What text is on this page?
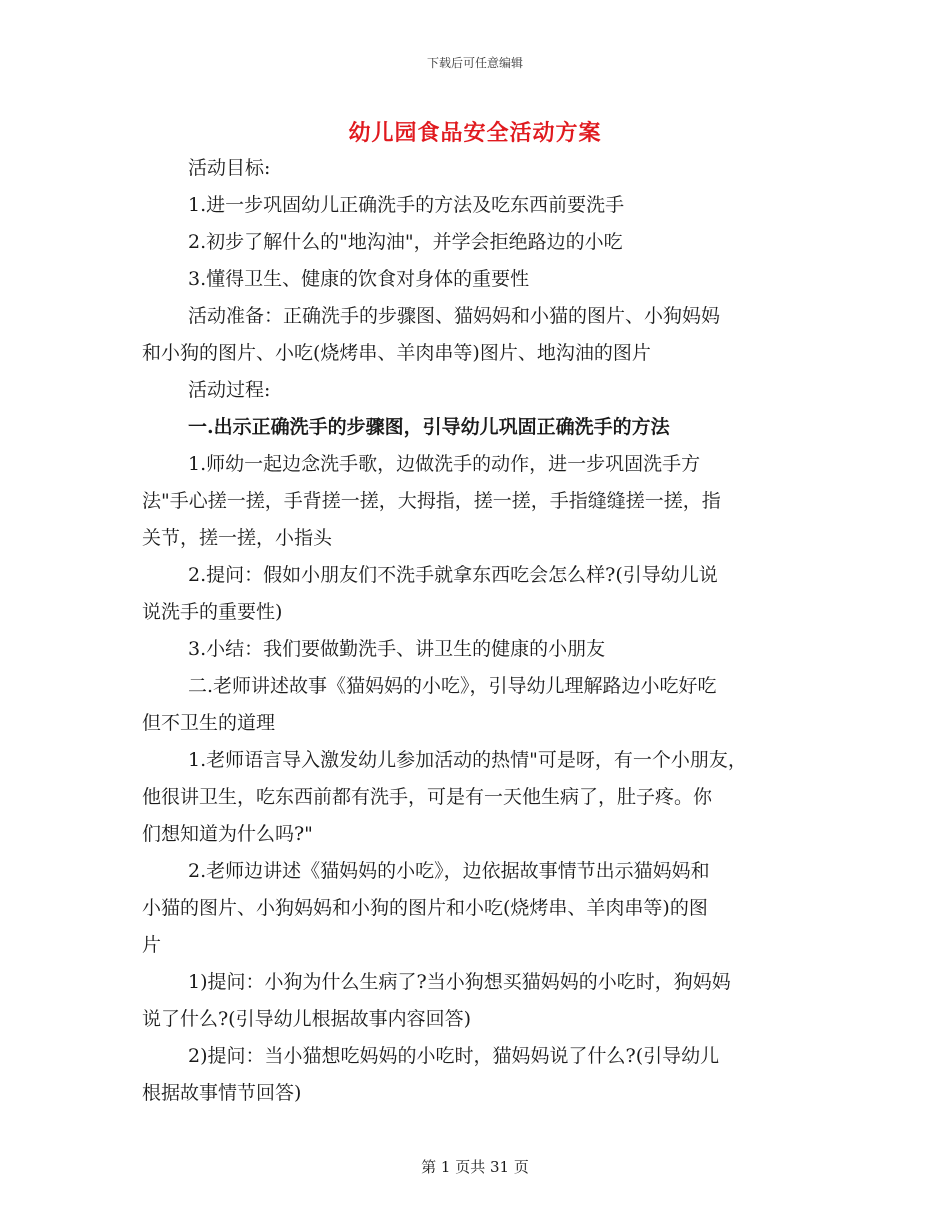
下载后可任意编辑
幼儿园食品安全活动方案
活动目标:
1.进一步巩固幼儿正确洗手的方法及吃东西前要洗手
2.初步了解什么的"地沟油"，并学会拒绝路边的小吃
3.懂得卫生、健康的饮食对身体的重要性
活动准备：正确洗手的步骤图、猫妈妈和小猫的图片、小狗妈妈
和小狗的图片、小吃(烧烤串、羊肉串等)图片、地沟油的图片
活动过程:
一.出示正确洗手的步骤图，引导幼儿巩固正确洗手的方法
1.师幼一起边念洗手歌，边做洗手的动作，进一步巩固洗手方
法"手心搓一搓，手背搓一搓，大拇指，搓一搓，手指缝缝搓一搓，指
关节，搓一搓，小指头
2.提问：假如小朋友们不洗手就拿东西吃会怎么样?(引导幼儿说
说洗手的重要性)
3.小结：我们要做勤洗手、讲卫生的健康的小朋友
二.老师讲述故事《猫妈妈的小吃》，引导幼儿理解路边小吃好吃
但不卫生的道理
1.老师语言导入激发幼儿参加活动的热情"可是呀，有一个小朋友，
他很讲卫生，吃东西前都有洗手，可是有一天他生病了，肚子疼。你
们想知道为什么吗?"
2.老师边讲述《猫妈妈的小吃》，边依据故事情节出示猫妈妈和
小猫的图片、小狗妈妈和小狗的图片和小吃(烧烤串、羊肉串等)的图
片
1)提问：小狗为什么生病了?当小狗想买猫妈妈的小吃时，狗妈妈
说了什么?(引导幼儿根据故事内容回答)
2)提问：当小猫想吃妈妈的小吃时，猫妈妈说了什么?(引导幼儿
根据故事情节回答)
第 1 页共 31 页
